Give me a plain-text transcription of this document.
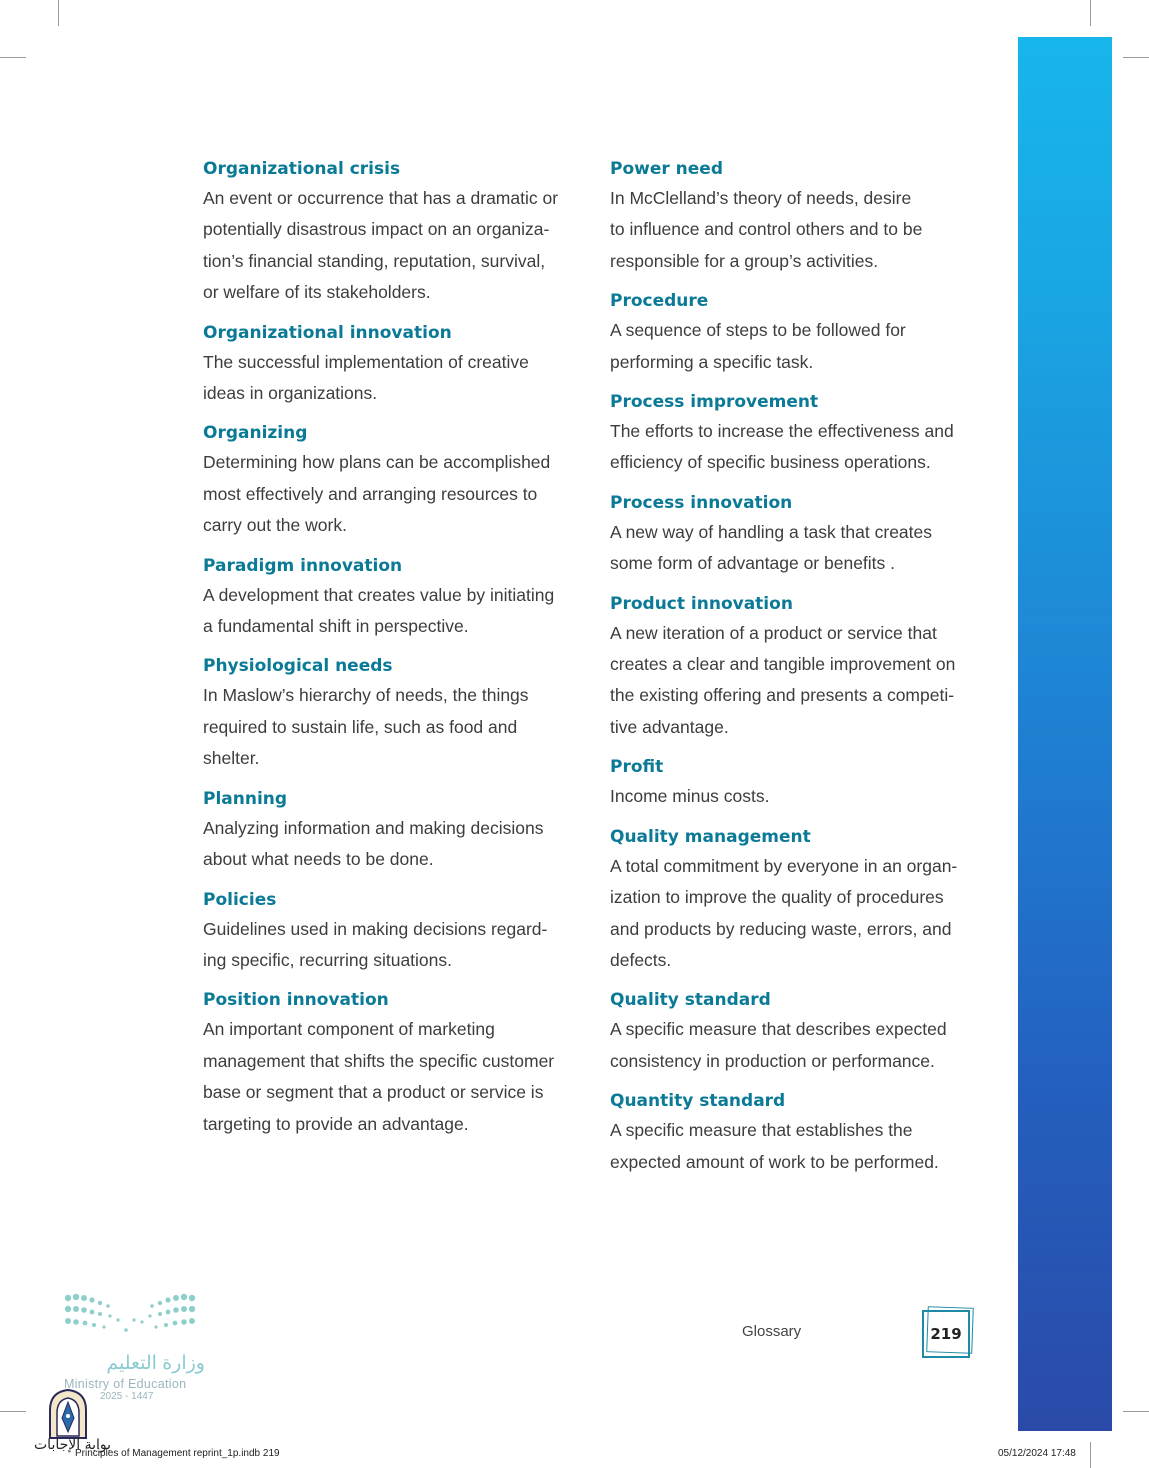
Organizational crisis

An event or occurrence that has a dramatic or
potentially disastrous impact on an organiza-
tion’s financial standing, reputation, survival,
or welfare of its stakeholders.

Organizational innovation

The successful implementation of creative
ideas in organizations.

Organizing

Determining how plans can be accomplished
most effectively and arranging resources to
carry out the work.

Paradigm innovation

A development that creates value by initiating
a fundamental shift in perspective.

Physiological needs

In Maslow’s hierarchy of needs, the things
required to sustain life, such as food and
shelter.

Planning

Analyzing information and making decisions
about what needs to be done.

Policies

Guidelines used in making decisions regard-
ing specific, recurring situations.

Position innovation

An important component of marketing
management that shifts the specific customer
base or segment that a product or service is
targeting to provide an advantage.

Power need

In McClelland’s theory of needs, desire
to influence and control others and to be
responsible for a group’s activities.

Procedure

A sequence of steps to be followed for
performing a specific task.

Process improvement

The efforts to increase the effectiveness and
efficiency of specific business operations.

Process innovation

A new way of handling a task that creates
some form of advantage or benefits .

Product innovation

A new iteration of a product or service that
creates a clear and tangible improvement on
the existing offering and presents a competi-
tive advantage.

Profit

Income minus costs.

Quality management

A total commitment by everyone in an organ-
ization to improve the quality of procedures
and products by reducing waste, errors, and
defects.

Quality standard

A specific measure that describes expected
consistency in production or performance.

Quantity standard

A specific measure that establishes the
expected amount of work to be performed.

Glossary	219
وزارة التعليم
Ministry of Education
2025 - 1447
بوابة الإجابات
Principles of Management reprint_1p.indb 219	05/12/2024 17:48
